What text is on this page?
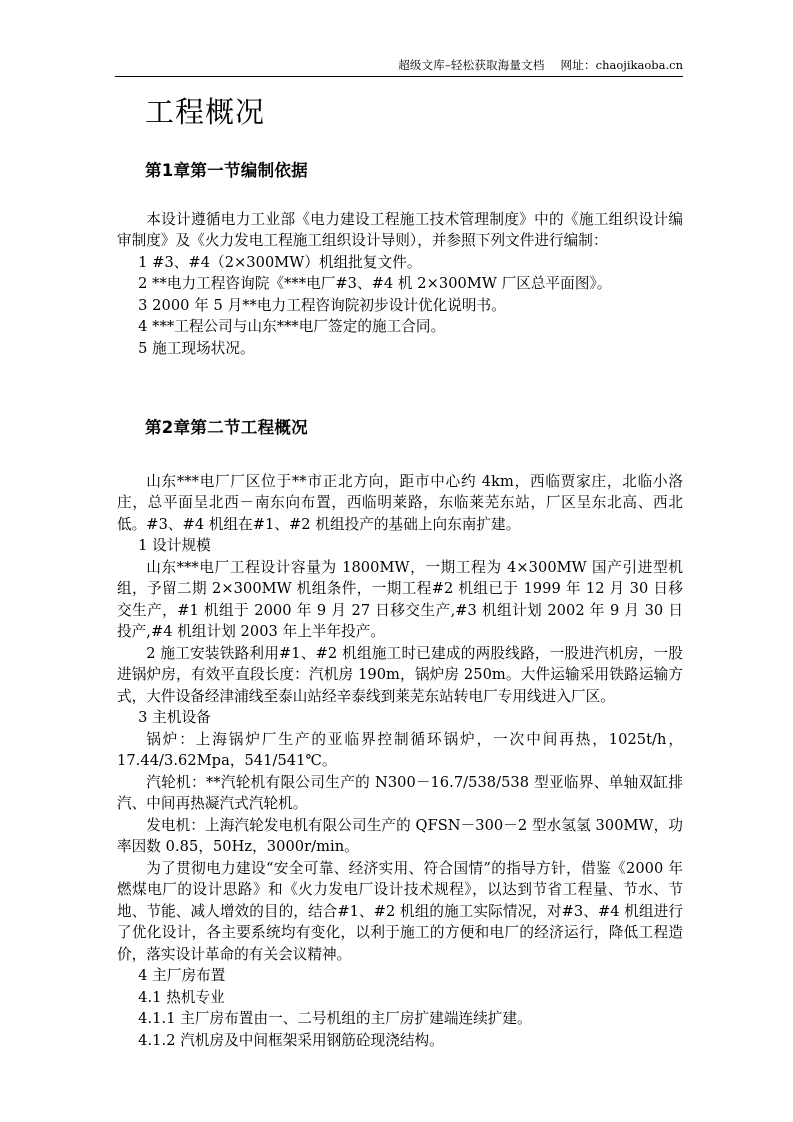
超级文库–轻松获取海量文档 网址：chaojikaoba.cn
工程概况
第1章第一节编制依据

本设计遵循电力工业部《电力建设工程施工技术管理制度》中的《施工组织设计编审制度》及《火力发电工程施工组织设计导则），并参照下列文件进行编制：

1 #3、#4（2×300MW）机组批复文件。

2 **电力工程咨询院《***电厂#3、#4 机 2×300MW 厂区总平面图》。

3 2000 年 5 月**电力工程咨询院初步设计优化说明书。

4 ***工程公司与山东***电厂签定的施工合同。

5 施工现场状况。

第2章第二节工程概况

山东***电厂厂区位于**市正北方向，距市中心约 4km，西临贾家庄，北临小洛庄，总平面呈北西－南东向布置，西临明莱路，东临莱芜东站，厂区呈东北高、西北低。#3、#4 机组在#1、#2 机组投产的基础上向东南扩建。

1 设计规模

山东***电厂工程设计容量为 1800MW，一期工程为 4×300MW 国产引进型机组，予留二期 2×300MW 机组条件，一期工程#2 机组已于 1999 年 12 月 30 日移交生产，#1 机组于 2000 年 9 月 27 日移交生产,#3 机组计划 2002 年 9 月 30 日投产,#4 机组计划 2003 年上半年投产。

2 施工安装铁路利用#1、#2 机组施工时已建成的两股线路，一股进汽机房，一股进锅炉房，有效平直段长度：汽机房 190m，锅炉房 250m。大件运输采用铁路运输方式，大件设备经津浦线至泰山站经辛泰线到莱芜东站转电厂专用线进入厂区。

3 主机设备

锅炉：上海锅炉厂生产的亚临界控制循环锅炉，一次中间再热，1025t/h，17.44/3.62Mpa，541/541℃。

汽轮机：**汽轮机有限公司生产的 N300－16.7/538/538 型亚临界、单轴双缸排汽、中间再热凝汽式汽轮机。

发电机：上海汽轮发电机有限公司生产的 QFSN－300－2 型水氢氢 300MW，功率因数 0.85，50Hz，3000r/min。

为了贯彻电力建设“安全可靠、经济实用、符合国情”的指导方针，借鉴《2000 年燃煤电厂的设计思路》和《火力发电厂设计技术规程》，以达到节省工程量、节水、节地、节能、减人增效的目的，结合#1、#2 机组的施工实际情况，对#3、#4 机组进行了优化设计，各主要系统均有变化，以利于施工的方便和电厂的经济运行，降低工程造价，落实设计革命的有关会议精神。

4 主厂房布置

4.1 热机专业

4.1.1 主厂房布置由一、二号机组的主厂房扩建端连续扩建。

4.1.2 汽机房及中间框架采用钢筋砼现浇结构。
